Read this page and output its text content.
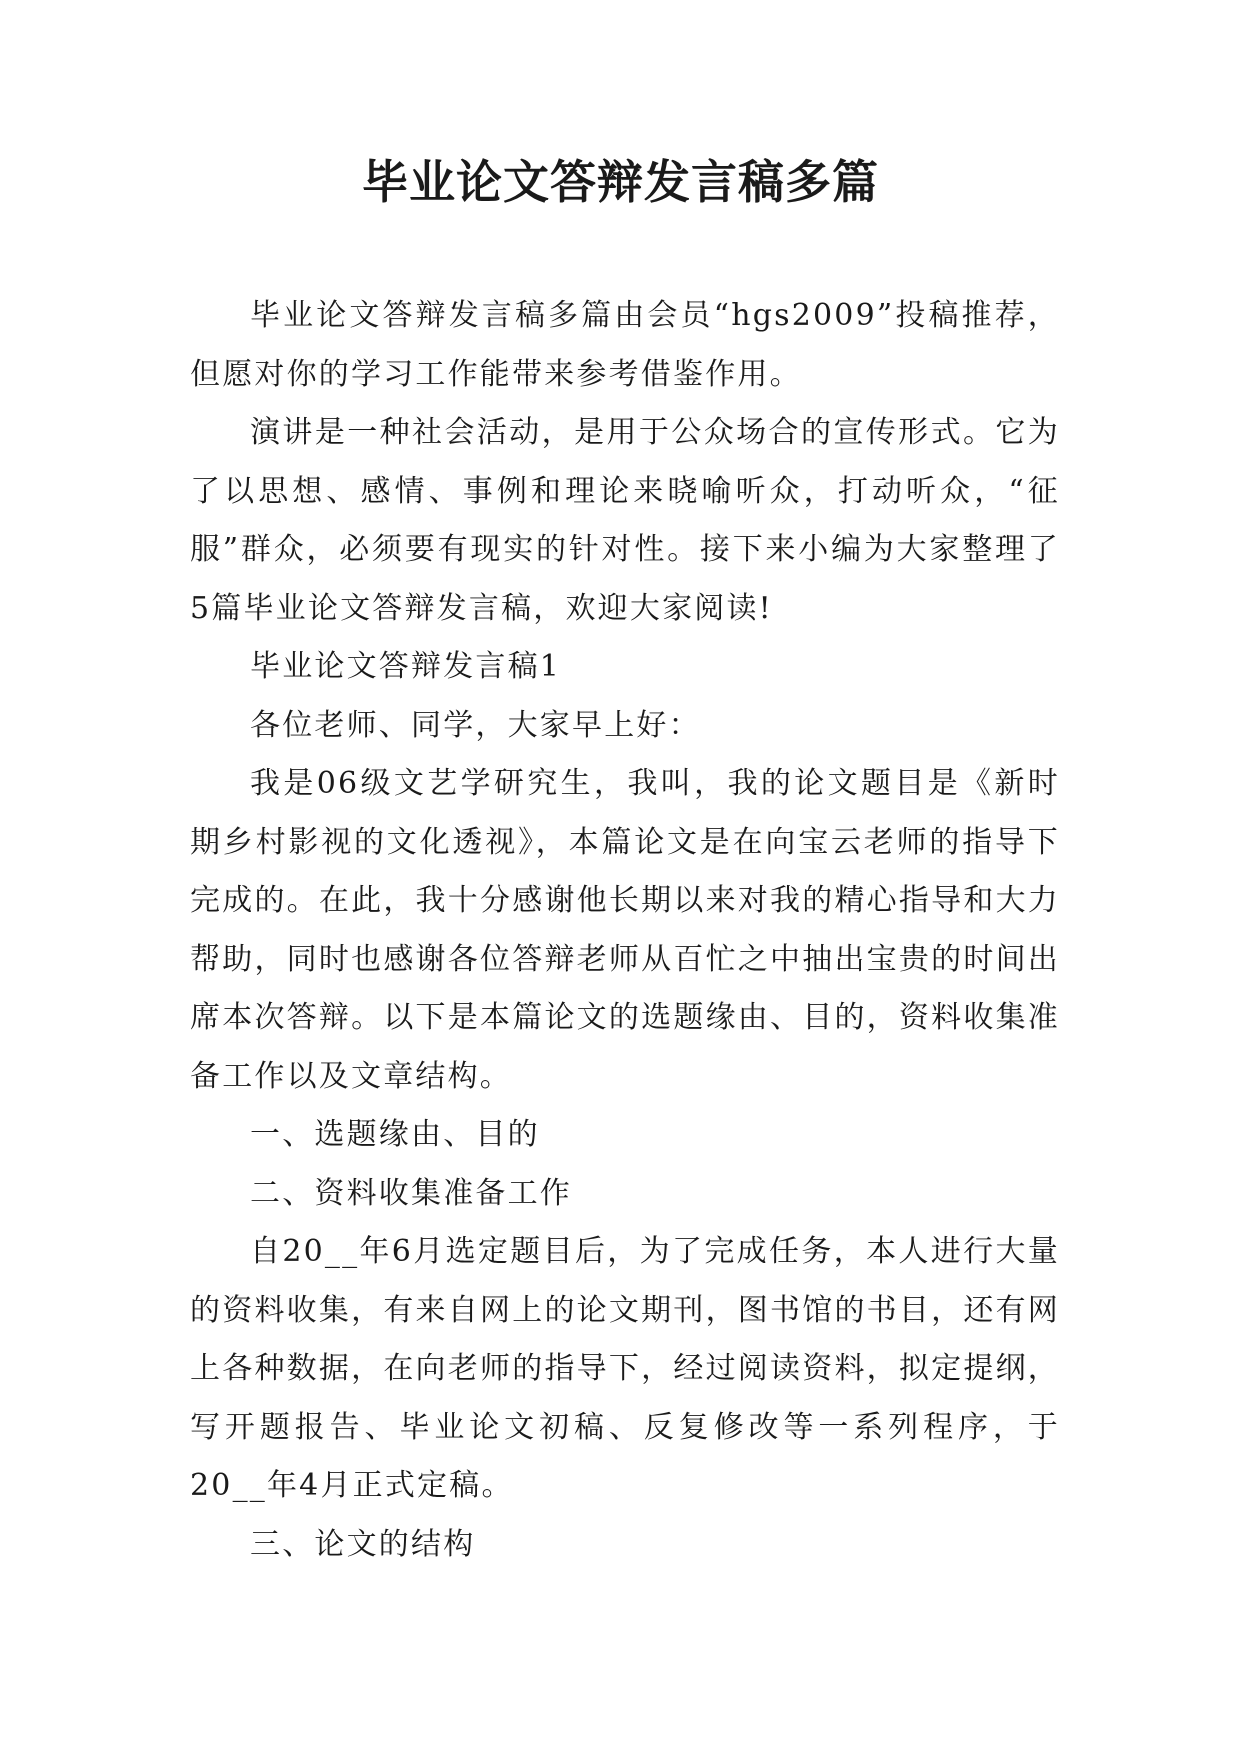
毕业论文答辩发言稿多篇

毕业论文答辩发言稿多篇由会员“hgs2009”投稿推荐，但愿对你的学习工作能带来参考借鉴作用。

演讲是一种社会活动，是用于公众场合的宣传形式。它为了以思想、感情、事例和理论来晓喻听众，打动听众，“征服”群众，必须要有现实的针对性。接下来小编为大家整理了5篇毕业论文答辩发言稿，欢迎大家阅读!

毕业论文答辩发言稿1

各位老师、同学，大家早上好：

我是06级文艺学研究生，我叫，我的论文题目是《新时期乡村影视的文化透视》，本篇论文是在向宝云老师的指导下完成的。在此，我十分感谢他长期以来对我的精心指导和大力帮助，同时也感谢各位答辩老师从百忙之中抽出宝贵的时间出席本次答辩。以下是本篇论文的选题缘由、目的，资料收集准备工作以及文章结构。

一、选题缘由、目的

二、资料收集准备工作

自20__年6月选定题目后，为了完成任务，本人进行大量的资料收集，有来自网上的论文期刊，图书馆的书目，还有网上各种数据，在向老师的指导下，经过阅读资料，拟定提纲，写开题报告、毕业论文初稿、反复修改等一系列程序，于20__年4月正式定稿。

三、论文的结构
